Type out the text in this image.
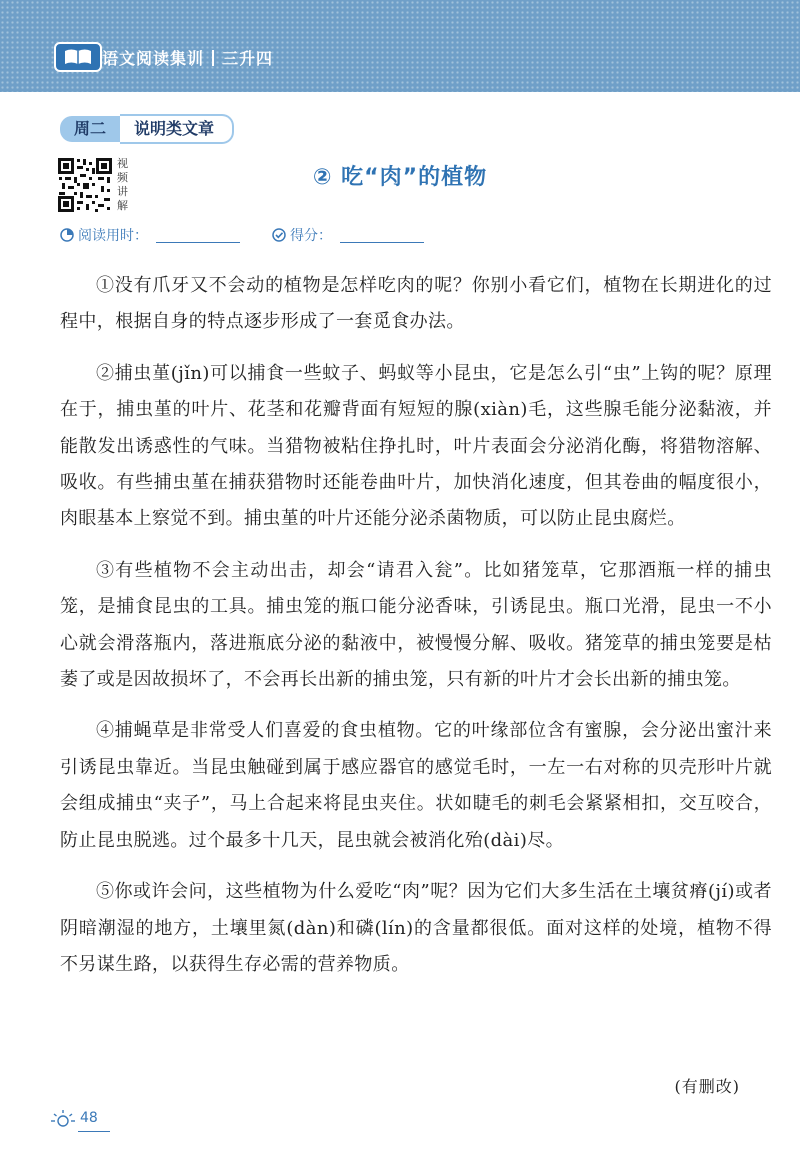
语文阅读集训 三升四
周二	说明类文章
视
频
讲
解
② 吃“肉”的植物
阅读用时：	得分：

①没有爪牙又不会动的植物是怎样吃肉的呢？你别小看它们，植物在长期进化的过程中，根据自身的特点逐步形成了一套觅食办法。

②捕虫堇(jǐn)可以捕食一些蚊子、蚂蚁等小昆虫，它是怎么引“虫”上钩的呢？原理在于，捕虫堇的叶片、花茎和花瓣背面有短短的腺(xiàn)毛，这些腺毛能分泌黏液，并能散发出诱惑性的气味。当猎物被粘住挣扎时，叶片表面会分泌消化酶，将猎物溶解、吸收。有些捕虫堇在捕获猎物时还能卷曲叶片，加快消化速度，但其卷曲的幅度很小，肉眼基本上察觉不到。捕虫堇的叶片还能分泌杀菌物质，可以防止昆虫腐烂。

③有些植物不会主动出击，却会“请君入瓮”。比如猪笼草，它那酒瓶一样的捕虫笼，是捕食昆虫的工具。捕虫笼的瓶口能分泌香味，引诱昆虫。瓶口光滑，昆虫一不小心就会滑落瓶内，落进瓶底分泌的黏液中，被慢慢分解、吸收。猪笼草的捕虫笼要是枯萎了或是因故损坏了，不会再长出新的捕虫笼，只有新的叶片才会长出新的捕虫笼。

④捕蝇草是非常受人们喜爱的食虫植物。它的叶缘部位含有蜜腺，会分泌出蜜汁来引诱昆虫靠近。当昆虫触碰到属于感应器官的感觉毛时，一左一右对称的贝壳形叶片就会组成捕虫“夹子”，马上合起来将昆虫夹住。状如睫毛的刺毛会紧紧相扣，交互咬合，防止昆虫脱逃。过个最多十几天，昆虫就会被消化殆(dài)尽。

⑤你或许会问，这些植物为什么爱吃“肉”呢？因为它们大多生活在土壤贫瘠(jí)或者阴暗潮湿的地方，土壤里氮(dàn)和磷(lín)的含量都很低。面对这样的处境，植物不得不另谋生路，以获得生存必需的营养物质。

(有删改)
48
